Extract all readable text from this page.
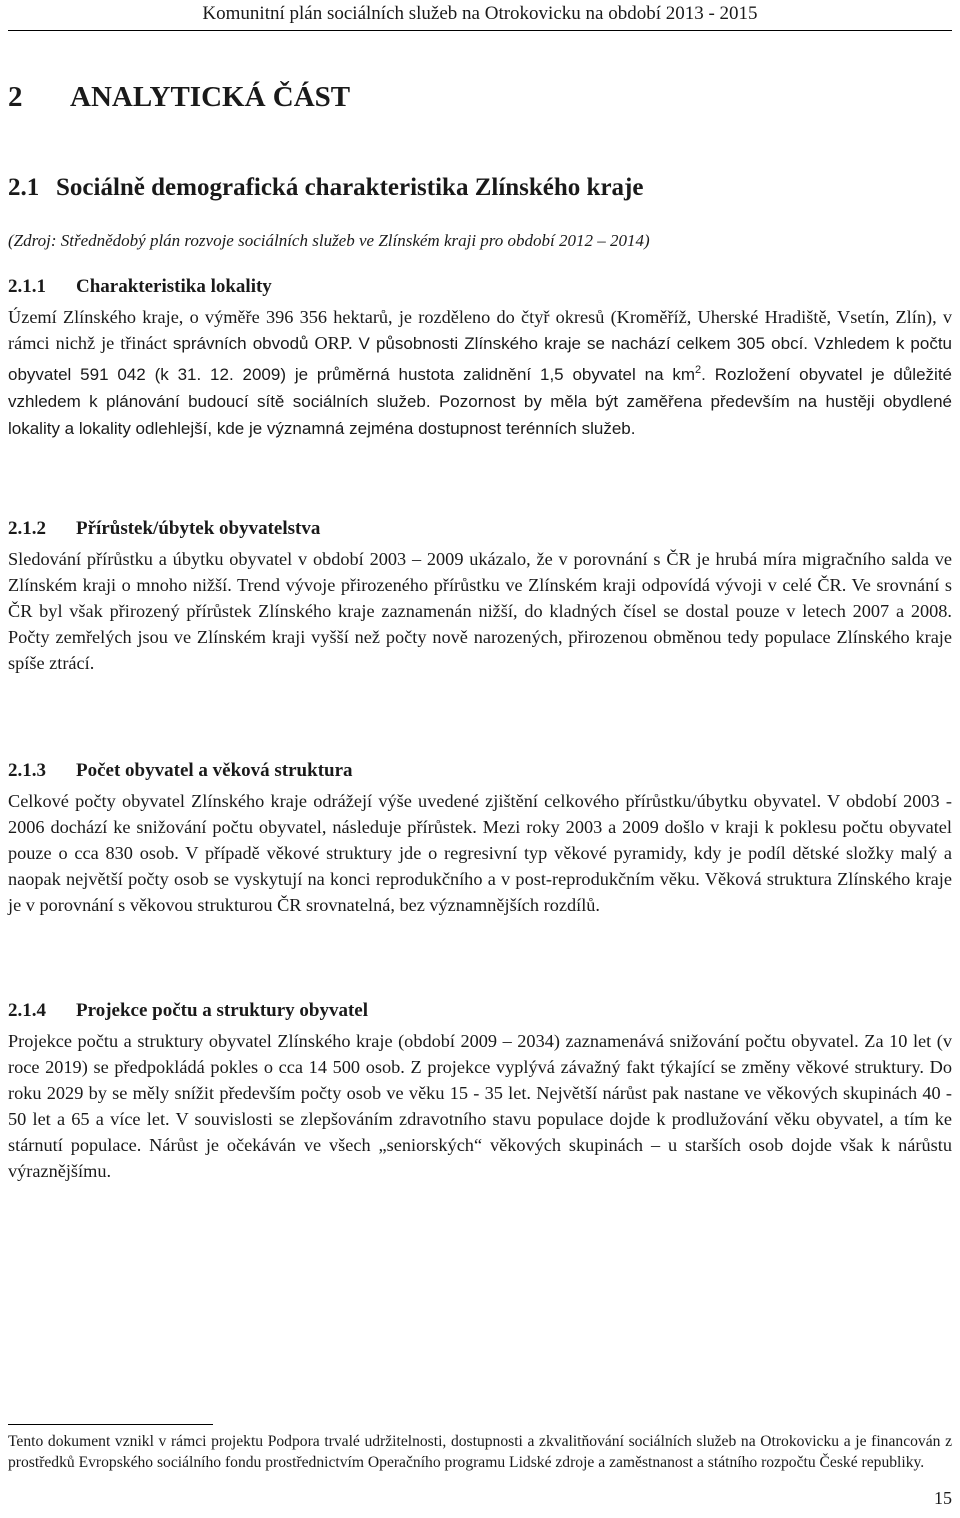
Komunitní plán sociálních služeb na Otrokovicku na období 2013 - 2015
2 ANALYTICKÁ ČÁST
2.1 Sociálně demografická charakteristika Zlínského kraje
(Zdroj: Střednědobý plán rozvoje sociálních služeb ve Zlínském kraji pro období 2012 – 2014)
2.1.1 Charakteristika lokality

Území Zlínského kraje, o výměře 396 356 hektarů, je rozděleno do čtyř okresů (Kroměříž, Uherské Hradiště, Vsetín, Zlín), v rámci nichž je třináct správních obvodů ORP. V působnosti Zlínského kraje se nachází celkem 305 obcí. Vzhledem k počtu obyvatel 591 042 (k 31. 12. 2009) je průměrná hustota zalidnění 1,5 obyvatel na $km^2$. Rozložení obyvatel je důležité vzhledem k plánování budoucí sítě sociálních služeb. Pozornost by měla být zaměřena především na hustěji obydlené lokality a lokality odlehlejší, kde je významná zejména dostupnost terénních služeb.

2.1.2 Přírůstek/úbytek obyvatelstva

Sledování přírůstku a úbytku obyvatel v období 2003 – 2009 ukázalo, že v porovnání s ČR je hrubá míra migračního salda ve Zlínském kraji o mnoho nižší. Trend vývoje přirozeného přírůstku ve Zlínském kraji odpovídá vývoji v celé ČR. Ve srovnání s ČR byl však přirozený přírůstek Zlínského kraje zaznamenán nižší, do kladných čísel se dostal pouze v letech 2007 a 2008. Počty zemřelých jsou ve Zlínském kraji vyšší než počty nově narozených, přirozenou obměnou tedy populace Zlínského kraje spíše ztrácí.

2.1.3 Počet obyvatel a věková struktura

Celkové počty obyvatel Zlínského kraje odrážejí výše uvedené zjištění celkového přírůstku/úbytku obyvatel. V období 2003 - 2006 dochází ke snižování počtu obyvatel, následuje přírůstek. Mezi roky 2003 a 2009 došlo v kraji k poklesu počtu obyvatel pouze o cca 830 osob. V případě věkové struktury jde o regresivní typ věkové pyramidy, kdy je podíl dětské složky malý a naopak největší počty osob se vyskytují na konci reprodukčního a v post-reprodukčním věku. Věková struktura Zlínského kraje je v porovnání s věkovou strukturou ČR srovnatelná, bez významnějších rozdílů.

2.1.4 Projekce počtu a struktury obyvatel

Projekce počtu a struktury obyvatel Zlínského kraje (období 2009 – 2034) zaznamenává snižování počtu obyvatel. Za 10 let (v roce 2019) se předpokládá pokles o cca 14 500 osob. Z projekce vyplývá závažný fakt týkající se změny věkové struktury. Do roku 2029 by se měly snížit především počty osob ve věku 15 - 35 let. Největší nárůst pak nastane ve věkových skupinách 40 - 50 let a 65 a více let. V souvislosti se zlepšováním zdravotního stavu populace dojde k prodlužování věku obyvatel, a tím ke stárnutí populace. Nárůst je očekáván ve všech „seniorských“ věkových skupinách – u starších osob dojde však k nárůstu výraznějšímu.

Tento dokument vznikl v rámci projektu Podpora trvalé udržitelnosti, dostupnosti a zkvalitňování sociálních služeb na Otrokovicku a je financován z prostředků Evropského sociálního fondu prostřednictvím Operačního programu Lidské zdroje a zaměstnanost a státního rozpočtu České republiky.

15
